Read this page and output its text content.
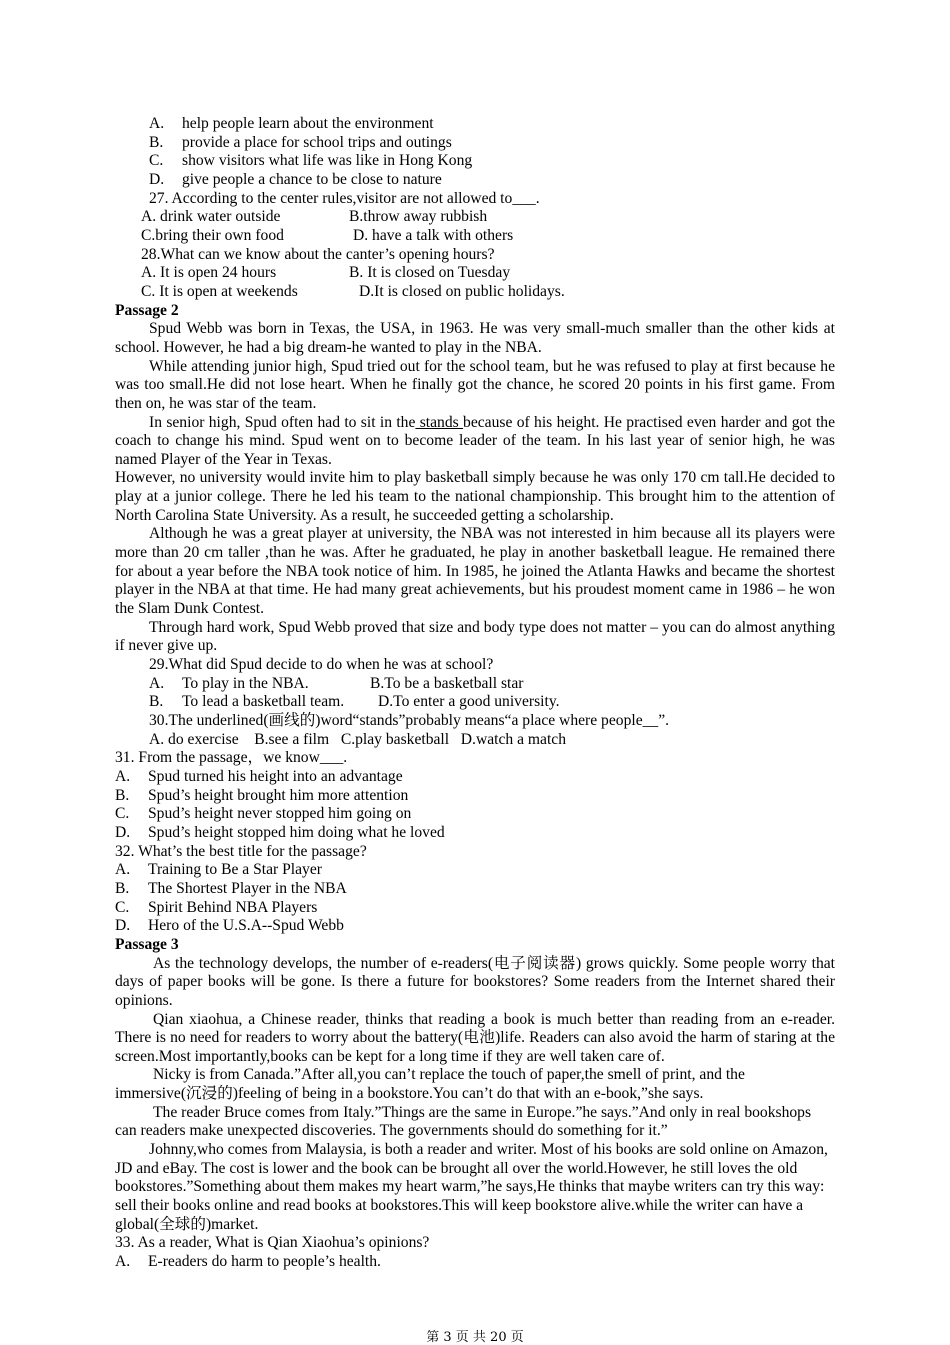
A.	help people learn about the environment
B.	provide a place for school trips and outings
C.	show visitors what life was like in Hong Kong
D.	give people a chance to be close to nature
27. According to the center rules,visitor are not allowed to___.
A. drink water outside	B.throw away rubbish
C.bring their own food	D. have a talk with others
28.What can we know about the canter’s opening hours?
A. It is open 24 hours	B. It is closed on Tuesday
C. It is open at weekends	D.It is closed on public holidays.
Passage 2
Spud Webb was born in Texas, the USA, in 1963. He was very small-much smaller than the other kids at school. However, he had a big dream-he wanted to play in the NBA.
While attending junior high, Spud tried out for the school team, but he was refused to play at first because he was too small.He did not lose heart. When he finally got the chance, he scored 20 points in his first game. From then on, he was star of the team.
In senior high, Spud often had to sit in the stands because of his height. He practised even harder and got the coach to change his mind. Spud went on to become leader of the team. In his last year of senior high, he was named Player of the Year in Texas.
However, no university would invite him to play basketball simply because he was only 170 cm tall.He decided to play at a junior college. There he led his team to the national championship. This brought him to the attention of North Carolina State University. As a result, he succeeded getting a scholarship.
Although he was a great player at university, the NBA was not interested in him because all its players were more than 20 cm taller ,than he was. After he graduated, he play in another basketball league. He remained there for about a year before the NBA took notice of him. In 1985, he joined the Atlanta Hawks and became the shortest player in the NBA at that time. He had many great achievements, but his proudest moment came in 1986 – he won the Slam Dunk Contest.
Through hard work, Spud Webb proved that size and body type does not matter – you can do almost anything if never give up.
29.What did Spud decide to do when he was at school?
A.	To play in the NBA.	B.To be a basketball star
B.	To lead a basketball team.	D.To enter a good university.
30.The underlined(画线的)word“stands”probably means“a place where people__”.
A. do exercise    B.see a film   C.play basketball   D.watch a match
31. From the passage，we know___.
A.	Spud turned his height into an advantage
B.	Spud’s height brought him more attention
C.	Spud’s height never stopped him going on
D.	Spud’s height stopped him doing what he loved
32. What’s the best title for the passage?
A.	Training to Be a Star Player
B.	The Shortest Player in the NBA
C.	Spirit Behind NBA Players
D.	Hero of the U.S.A--Spud Webb
Passage 3
As the technology develops, the number of e-readers(电子阅读器) grows quickly. Some people worry that days of paper books will be gone. Is there a future for bookstores? Some readers from the Internet shared their opinions.
Qian xiaohua, a Chinese reader, thinks that reading a book is much better than reading from an e-reader. There is no need for readers to worry about the battery(电池)life. Readers can also avoid the harm of staring at the screen.Most importantly,books can be kept for a long time if they are well taken care of.
Nicky is from Canada.”After all,you can’t replace the touch of paper,the smell of print, and the immersive(沉浸的)feeling of being in a bookstore.You can’t do that with an e-book,”she says.
The reader Bruce comes from Italy.”Things are the same in Europe.”he says.”And only in real bookshops can readers make unexpected discoveries. The governments should do something for it.”
Johnny,who comes from Malaysia, is both a reader and writer. Most of his books are sold online on Amazon, JD and eBay. The cost is lower and the book can be brought all over the world.However, he still loves the old bookstores.”Something about them makes my heart warm,”he says,He thinks that maybe writers can try this way: sell their books online and read books at bookstores.This will keep bookstore alive.while the writer can have a global(全球的)market.
33. As a reader, What is Qian Xiaohua’s opinions?
A.	E-readers do harm to people’s health.
第 3 页 共 20 页
